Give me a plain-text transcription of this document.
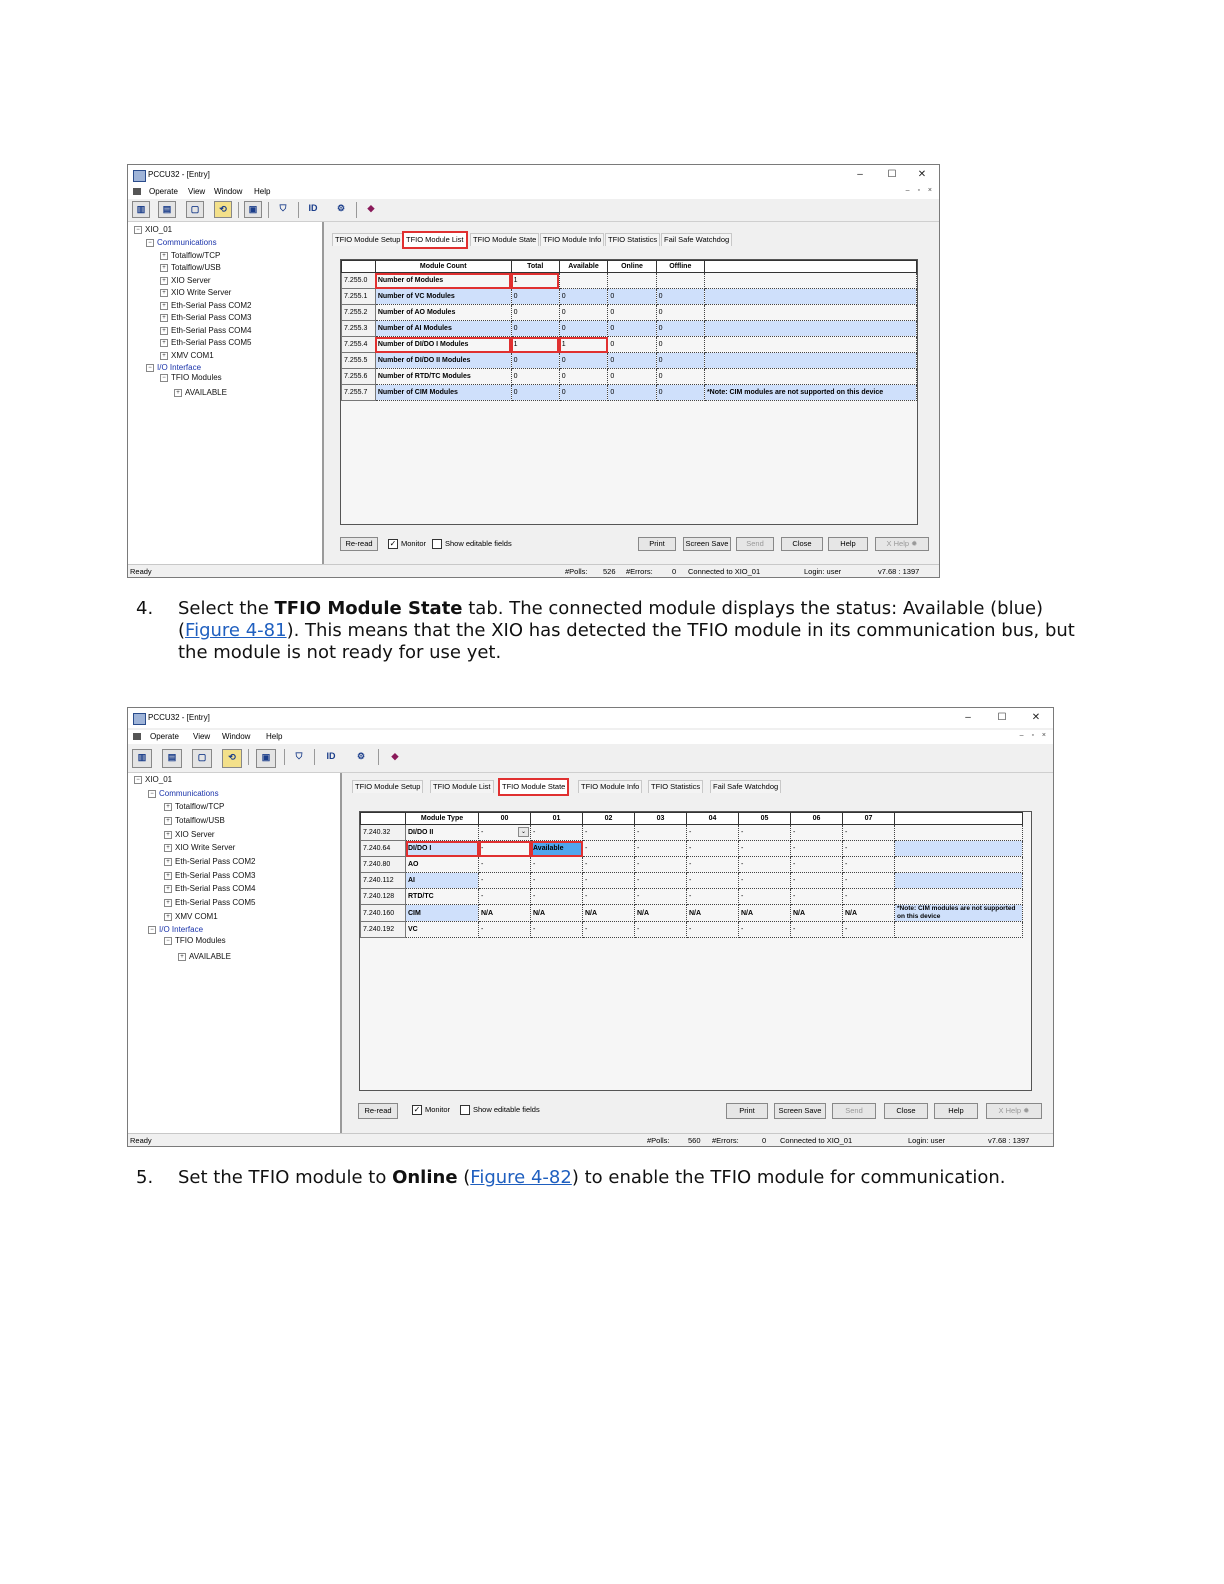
PCCU32 - [Entry]	–	☐ ✕
Operate View Window Help	– ▫ ×
▥	▤	▢	⟲	▣	⛉	ID	⚙	◆
− XIO_01
− Communications
+ Totalflow/TCP
+ Totalflow/USB
+ XIO Server
+ XIO Write Server
+ Eth-Serial Pass COM2
+ Eth-Serial Pass COM3
+ Eth-Serial Pass COM4
+ Eth-Serial Pass COM5
+ XMV COM1
− I/O Interface
− TFIO Modules
+ AVAILABLE
TFIO Module Setup TFIO Module List	TFIO Module State TFIO Module Info TFIO Statistics Fail Safe Watchdog
	Module Count	Total	Available	Online	Offline	
7.255.0	Number of Modules	1				
7.255.1	Number of VC Modules	0	0	0	0	
7.255.2	Number of AO Modules	0	0	0	0	
7.255.3	Number of AI Modules	0	0	0	0	
7.255.4	Number of DI/DO I Modules	1	1	0	0	
7.255.5	Number of DI/DO II Modules	0	0	0	0	
7.255.6	Number of RTD/TC Modules	0	0	0	0	
7.255.7	Number of CIM Modules	0	0	0	0	*Note: CIM modules are not supported on this device
Re-read	✓ Monitor	Show editable fields	Print	Screen Save	Send	Close	Help	X Help ✹
Ready	#Polls: 526 #Errors:	0 Connected to XIO_01	Login: user	v7.68 : 1397
4. Select the TFIO Module State tab. The connected module displays the status: Available (blue) (Figure 4-81). This means that the XIO has detected the TFIO module in its communication bus, but the module is not ready for use yet.
PCCU32 - [Entry]	–	☐	✕
Operate View Window Help	– ▫ ×
▥	▤	▢	⟲	▣	⛉	ID	⚙	◆
− XIO_01
− Communications
+ Totalflow/TCP
+ Totalflow/USB
+ XIO Server
+ XIO Write Server
+ Eth-Serial Pass COM2
+ Eth-Serial Pass COM3
+ Eth-Serial Pass COM4
+ Eth-Serial Pass COM5
+ XMV COM1
− I/O Interface
− TFIO Modules
+ AVAILABLE
TFIO Module Setup	TFIO Module List	TFIO Module State	TFIO Module Info	TFIO Statistics	Fail Safe Watchdog
	Module Type	00	01	02	03	04	05	06	07	
7.240.32	DI/DO II	- ⌄	-	-	-	-	-	-	-	
7.240.64	DI/DO I	-	Available	-	-	-	-	-	-	
7.240.80	AO	-	-	-	-	-	-	-	-	
7.240.112	AI	-	-	-	-	-	-	-	-	
7.240.128	RTD/TC	-	-	-	-	-	-	-	-	
7.240.160	CIM	N/A	N/A	N/A	N/A	N/A	N/A	N/A	N/A	*Note: CIM modules are not supported on this device
7.240.192	VC	-	-	-	-	-	-	-	-	
Re-read	✓ Monitor	Show editable fields	Print	Screen Save	Send	Close	Help	X Help ✹
Ready	#Polls: 560 #Errors:	0 Connected to XIO_01	Login: user	v7.68 : 1397
5. Set the TFIO module to Online (Figure 4-82) to enable the TFIO module for communication.
